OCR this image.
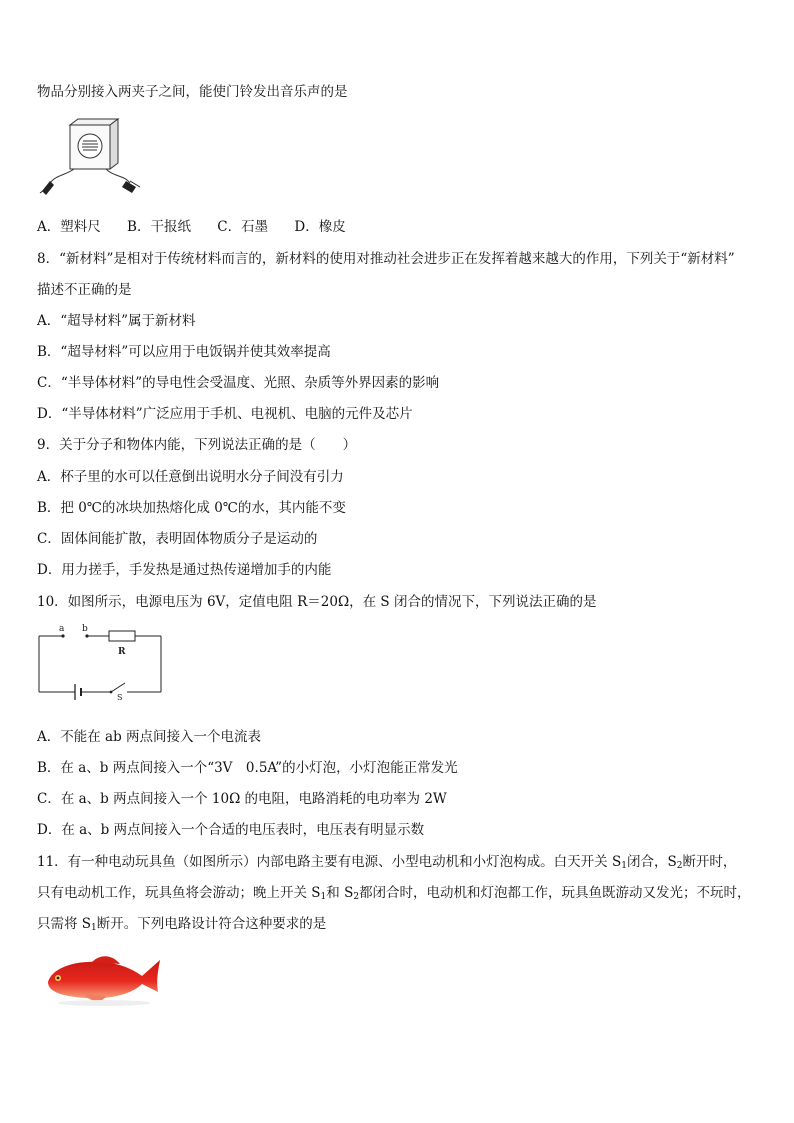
物品分别接入两夹子之间，能使门铃发出音乐声的是
A．塑料尺 B．干报纸 C．石墨 D．橡皮
8．“新材料”是相对于传统材料而言的，新材料的使用对推动社会进步正在发挥着越来越大的作用，下列关于“新材料”
描述不正确的是
A．“超导材料”属于新材料
B．“超导材料”可以应用于电饭锅并使其效率提高
C．“半导体材料”的导电性会受温度、光照、杂质等外界因素的影响
D．“半导体材料”广泛应用于手机、电视机、电脑的元件及芯片
9．关于分子和物体内能，下列说法正确的是（　　）
A．杯子里的水可以任意倒出说明水分子间没有引力
B．把 0℃的冰块加热熔化成 0℃的水，其内能不变
C．固体间能扩散，表明固体物质分子是运动的
D．用力搓手，手发热是通过热传递增加手的内能
10．如图所示，电源电压为 6V，定值电阻 R＝20Ω，在 S 闭合的情况下，下列说法正确的是
a b
R
S
A．不能在 ab 两点间接入一个电流表
B．在 a、b 两点间接入一个“3V　0.5A”的小灯泡，小灯泡能正常发光
C．在 a、b 两点间接入一个 10Ω 的电阻，电路消耗的电功率为 2W
D．在 a、b 两点间接入一个合适的电压表时，电压表有明显示数
11．有一种电动玩具鱼（如图所示）内部电路主要有电源、小型电动机和小灯泡构成。白天开关 $S_1$闭合，$S_2$断开时，
只有电动机工作，玩具鱼将会游动；晚上开关 $S_1$和 $S_2$都闭合时，电动机和灯泡都工作，玩具鱼既游动又发光；不玩时，
只需将 $S_1$断开。下列电路设计符合这种要求的是
